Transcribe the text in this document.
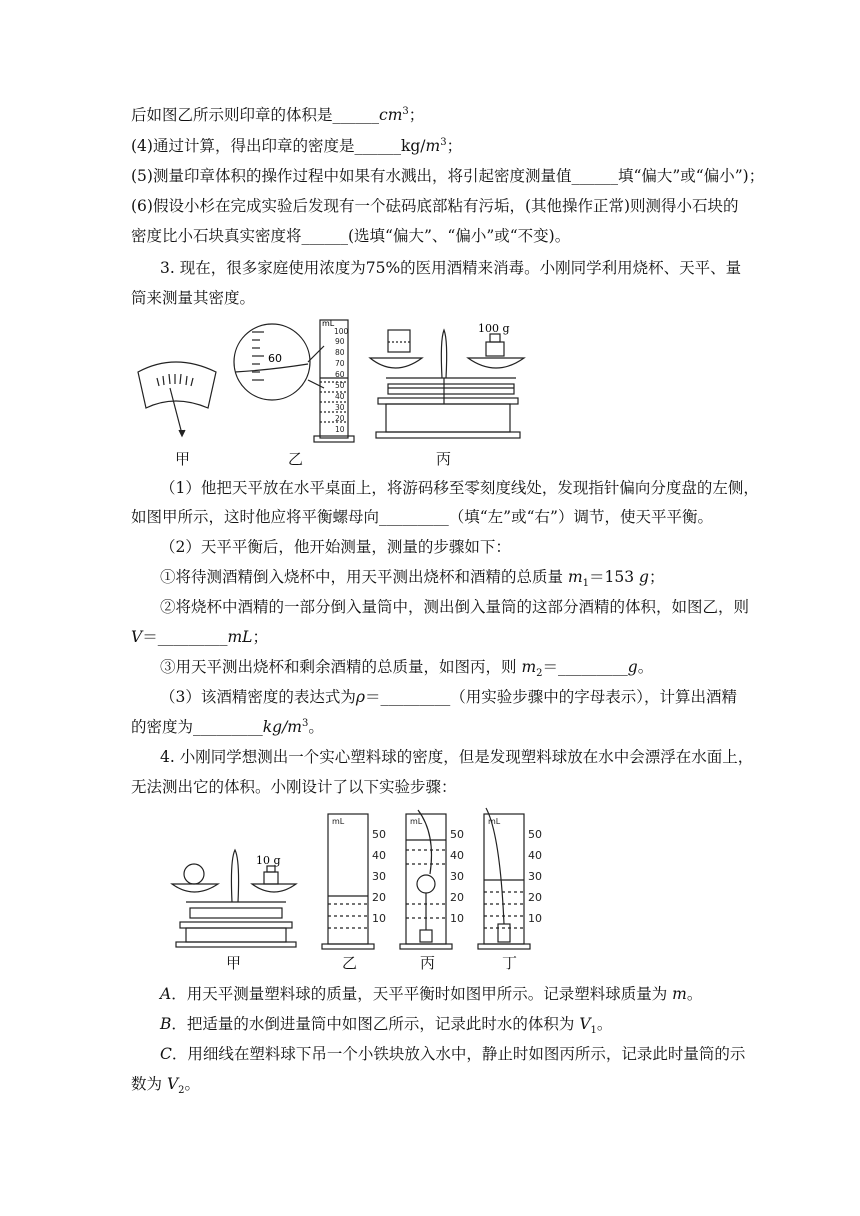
后如图乙所示则印章的体积是$\_\_\_\_\_\_cm^3$；
(4)通过计算，得出印章的密度是$\_\_\_\_\_\_kg/m^3$；
(5)测量印章体积的操作过程中如果有水溅出，将引起密度测量值______填“偏大”或“偏小”)；
(6)假设小杉在完成实验后发现有一个砝码底部粘有污垢，(其他操作正常)则测得小石块的
密度比小石块真实密度将______(选填“偏大”、“偏小”或“不变)。
3. 现在，很多家庭使用浓度为75%的医用酒精来消毒。小刚同学利用烧杯、天平、量
筒来测量其密度。
60
mL
100
90
80
70
60
50
40
30
20
10
100 g
甲	乙	丙
（1）他把天平放在水平桌面上，将游码移至零刻度线处，发现指针偏向分度盘的左侧，
如图甲所示，这时他应将平衡螺母向_________（填“左”或“右”）调节，使天平平衡。
（2）天平平衡后，他开始测量，测量的步骤如下：
①将待测酒精倒入烧杯中，用天平测出烧杯和酒精的总质量 $m_1=153$ g；
②将烧杯中酒精的一部分倒入量筒中，测出倒入量筒的这部分酒精的体积，如图乙，则
V＝_________mL；
③用天平测出烧杯和剩余酒精的总质量，如图丙，则 $m_2=\_\_\_\_\_\_\_\_\_g$。
（3）该酒精密度的表达式为ρ＝_________（用实验步骤中的字母表示），计算出酒精
的密度为$\_\_\_\_\_\_\_\_\_kg/m^3$。
4. 小刚同学想测出一个实心塑料球的密度，但是发现塑料球放在水中会漂浮在水面上，
无法测出它的体积。小刚设计了以下实验步骤：
10 g
mL	mL	mL
50
40
30
20
10
50
40
30
20
10
50
40
30
20
10
甲	乙	丙	丁
A．用天平测量塑料球的质量，天平平衡时如图甲所示。记录塑料球质量为 m。
B．把适量的水倒进量筒中如图乙所示，记录此时水的体积为 $V_1$。
C．用细线在塑料球下吊一个小铁块放入水中，静止时如图丙所示，记录此时量筒的示
数为 $V_2$。
